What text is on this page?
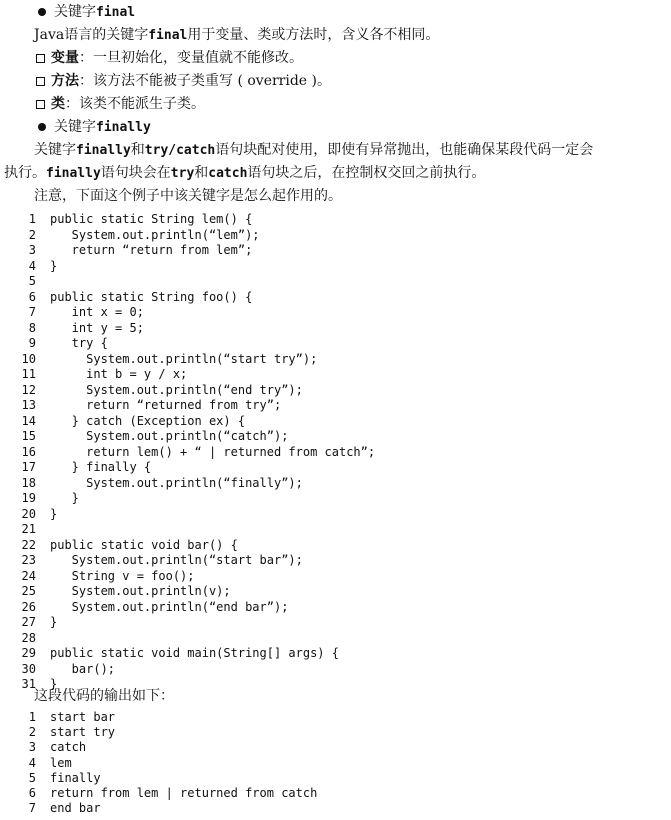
关键字final
Java语言的关键字final用于变量、类或方法时，含义各不相同。
变量：一旦初始化，变量值就不能修改。
方法：该方法不能被子类重写 ( override )。
类：该类不能派生子类。
关键字finally
关键字finally和try/catch语句块配对使用，即使有异常抛出，也能确保某段代码一定会
执行。finally语句块会在try和catch语句块之后，在控制权交回之前执行。
注意，下面这个例子中该关键字是怎么起作用的。
1 public static String lem() {
2   System.out.println(“lem”);
3   return “return from lem”;
4 }
5
6 public static String foo() {
7   int x = 0;
8   int y = 5;
9   try {
10     System.out.println(“start try”);
11     int b = y / x;
12     System.out.println(“end try”);
13     return “returned from try”;
14   } catch (Exception ex) {
15     System.out.println(“catch”);
16     return lem() + “ | returned from catch”;
17   } finally {
18     System.out.println(“finally”);
19   }
20 }
21
22 public static void bar() {
23   System.out.println(“start bar”);
24   String v = foo();
25   System.out.println(v);
26   System.out.println(“end bar”);
27 }
28
29 public static void main(String[] args) {
30   bar();
31 }
这段代码的输出如下：
1 start bar
2 start try
3 catch
4 lem
5 finally
6 return from lem | returned from catch
7 end bar
